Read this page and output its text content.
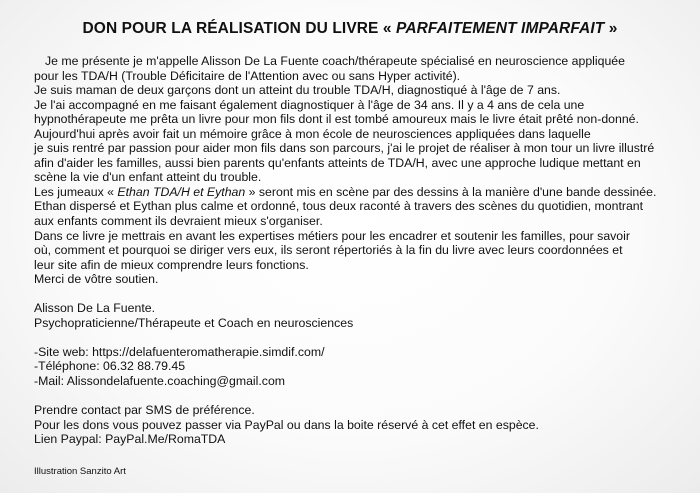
DON POUR LA RÉALISATION DU LIVRE « PARFAITEMENT IMPARFAIT »
Je me présente je m'appelle Alisson De La Fuente coach/thérapeute spécialisé en neuroscience appliquée
pour les TDA/H (Trouble Déficitaire de l'Attention avec ou sans Hyper activité).
Je suis maman de deux garçons dont un atteint du trouble TDA/H, diagnostiqué à l'âge de 7 ans.
Je l'ai accompagné en me faisant également diagnostiquer à l'âge de 34 ans. Il y a 4 ans de cela une
hypnothérapeute me prêta un livre pour mon fils dont il est tombé amoureux mais le livre était prêté non-donné.
Aujourd'hui après avoir fait un mémoire grâce à mon école de neurosciences appliquées dans laquelle
je suis rentré par passion pour aider mon fils dans son parcours, j'ai le projet de réaliser à mon tour un livre illustré
afin d'aider les familles, aussi bien parents qu'enfants atteints de TDA/H, avec une approche ludique mettant en
scène la vie d'un enfant atteint du trouble.
Les jumeaux « Ethan TDA/H et Eythan » seront mis en scène par des dessins à la manière d'une bande dessinée.
Ethan dispersé et Eythan plus calme et ordonné, tous deux raconté à travers des scènes du quotidien, montrant
aux enfants comment ils devraient mieux s'organiser.
Dans ce livre je mettrais en avant les expertises métiers pour les encadrer et soutenir les familles, pour savoir
où, comment et pourquoi se diriger vers eux, ils seront répertoriés à la fin du livre avec leurs coordonnées et
leur site afin de mieux comprendre leurs fonctions.
Merci de vôtre soutien.
Alisson De La Fuente.
Psychopraticienne/Thérapeute et Coach en neurosciences
-Site web: https://delafuenteromatherapie.simdif.com/
-Téléphone: 06.32 88.79.45
-Mail: Alissondelafuente.coaching@gmail.com
Prendre contact par SMS de préférence.
Pour les dons vous pouvez passer via PayPal ou dans la boite réservé à cet effet en espèce.
Lien Paypal: PayPal.Me/RomaTDA
Illustration Sanzito Art
